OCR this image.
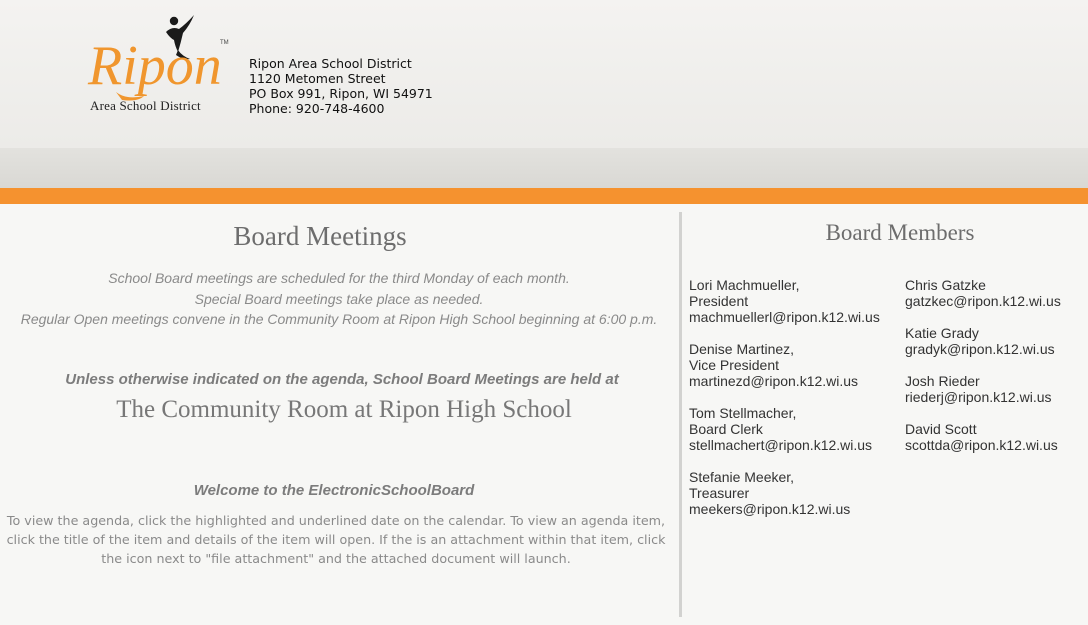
Ripon
TM
Area School District
Ripon Area School District
1120 Metomen Street
PO Box 991, Ripon, WI 54971
Phone: 920-748-4600
Board Meetings
School Board meetings are scheduled for the third Monday of each month.
Special Board meetings take place as needed.
Regular Open meetings convene in the Community Room at Ripon High School beginning at 6:00 p.m.
Unless otherwise indicated on the agenda, School Board Meetings are held at
The Community Room at Ripon High School
Welcome to the ElectronicSchoolBoard
To view the agenda, click the highlighted and underlined date on the calendar. To view an agenda item, click the title of the item and details of the item will open. If the is an attachment within that item, click the icon next to "file attachment" and the attached document will launch.
Board Members
Lori Machmueller,
President
machmuellerl@ripon.k12.wi.us
Denise Martinez,
Vice President
martinezd@ripon.k12.wi.us
Tom Stellmacher,
Board Clerk
stellmachert@ripon.k12.wi.us
Stefanie Meeker,
Treasurer
meekers@ripon.k12.wi.us
Chris Gatzke
gatzkec@ripon.k12.wi.us
Katie Grady
gradyk@ripon.k12.wi.us
Josh Rieder
riederj@ripon.k12.wi.us
David Scott
scottda@ripon.k12.wi.us
